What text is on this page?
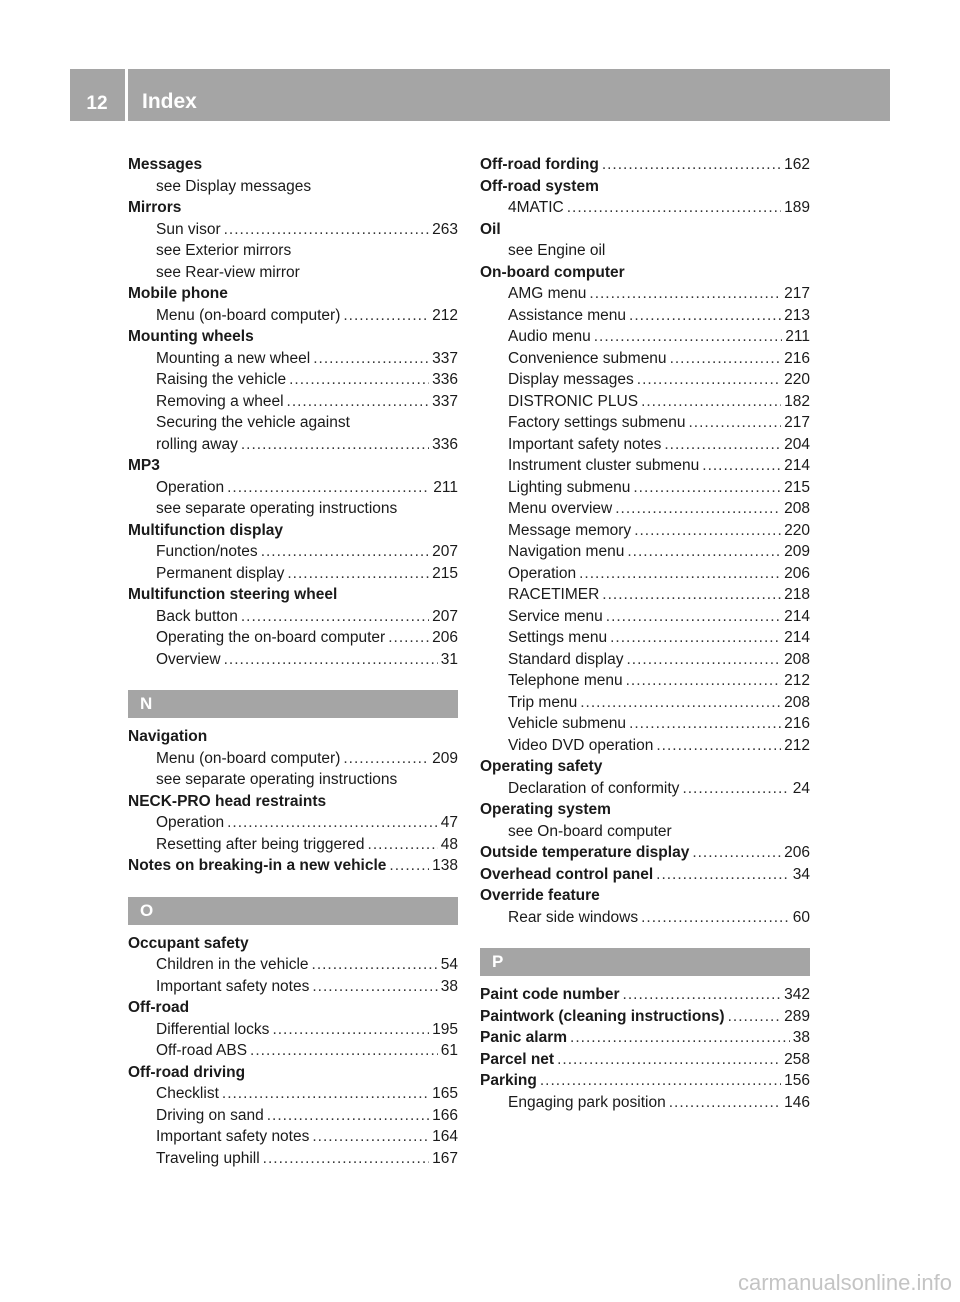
12	Index
Messages
see Display messages
Mirrors
Sun visor .....	263
see Exterior mirrors
see Rear-view mirror
Mobile phone
Menu (on-board computer) .....	212
Mounting wheels
Mounting a new wheel .....	337
Raising the vehicle .....	336
Removing a wheel .....	337
Securing the vehicle against
rolling away .....	336
MP3
Operation .....	211
see separate operating instructions
Multifunction display
Function/notes .....	207
Permanent display .....	215
Multifunction steering wheel
Back button .....	207
Operating the on-board computer .....	206
Overview .....	31
N
Navigation
Menu (on-board computer) .....	209
see separate operating instructions
NECK-PRO head restraints
Operation .....	47
Resetting after being triggered .....	48
Notes on breaking-in a new vehicle .....	138
O
Occupant safety
Children in the vehicle .....	54
Important safety notes .....	38
Off-road
Differential locks .....	195
Off-road ABS .....	61
Off-road driving
Checklist .....	165
Driving on sand .....	166
Important safety notes .....	164
Traveling uphill .....	167
Off-road fording .....	162
Off-road system
4MATIC .....	189
Oil
see Engine oil
On-board computer
AMG menu .....	217
Assistance menu .....	213
Audio menu .....	211
Convenience submenu .....	216
Display messages .....	220
DISTRONIC PLUS .....	182
Factory settings submenu .....	217
Important safety notes .....	204
Instrument cluster submenu .....	214
Lighting submenu .....	215
Menu overview .....	208
Message memory .....	220
Navigation menu .....	209
Operation .....	206
RACETIMER .....	218
Service menu .....	214
Settings menu .....	214
Standard display .....	208
Telephone menu .....	212
Trip menu .....	208
Vehicle submenu .....	216
Video DVD operation .....	212
Operating safety
Declaration of conformity .....	24
Operating system
see On-board computer
Outside temperature display .....	206
Overhead control panel .....	34
Override feature
Rear side windows .....	60
P
Paint code number .....	342
Paintwork (cleaning instructions) .....	289
Panic alarm .....	38
Parcel net .....	258
Parking .....	156
Engaging park position .....	146
carmanualsonline.info
